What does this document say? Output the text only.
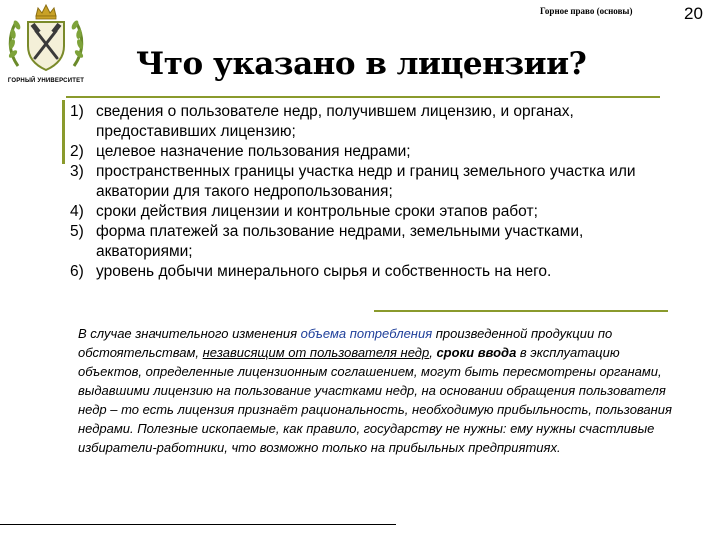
ГОРНЫЙ УНИВЕРСИТЕТ
Горное право (основы)	20
Что указано в лицензии?
1) сведения о пользователе недр, получившем лицензию, и органах, предоставивших лицензию;
2) целевое назначение пользования недрами;
3) пространственных границы участка недр и границ земельного участка или акватории для такого недропользования;
4) сроки действия лицензии и контрольные сроки этапов работ;
5) форма платежей за пользование недрами, земельными участками, акваториями;
6) уровень добычи минерального сырья и собственность на него.

В случае значительного изменения объема потребления произведенной продукции по обстоятельствам, независящим от пользователя недр, сроки ввода в эксплуатацию объектов, определенные лицензионным соглашением, могут быть пересмотрены органами, выдавшими лицензию на пользование участками недр, на основании обращения пользователя недр – то есть лицензия признаёт рациональность, необходимую прибыльность, пользования недрами. Полезные ископаемые, как правило, государству не нужны: ему нужны счастливые избиратели-работники, что возможно только на прибыльных предприятиях.
